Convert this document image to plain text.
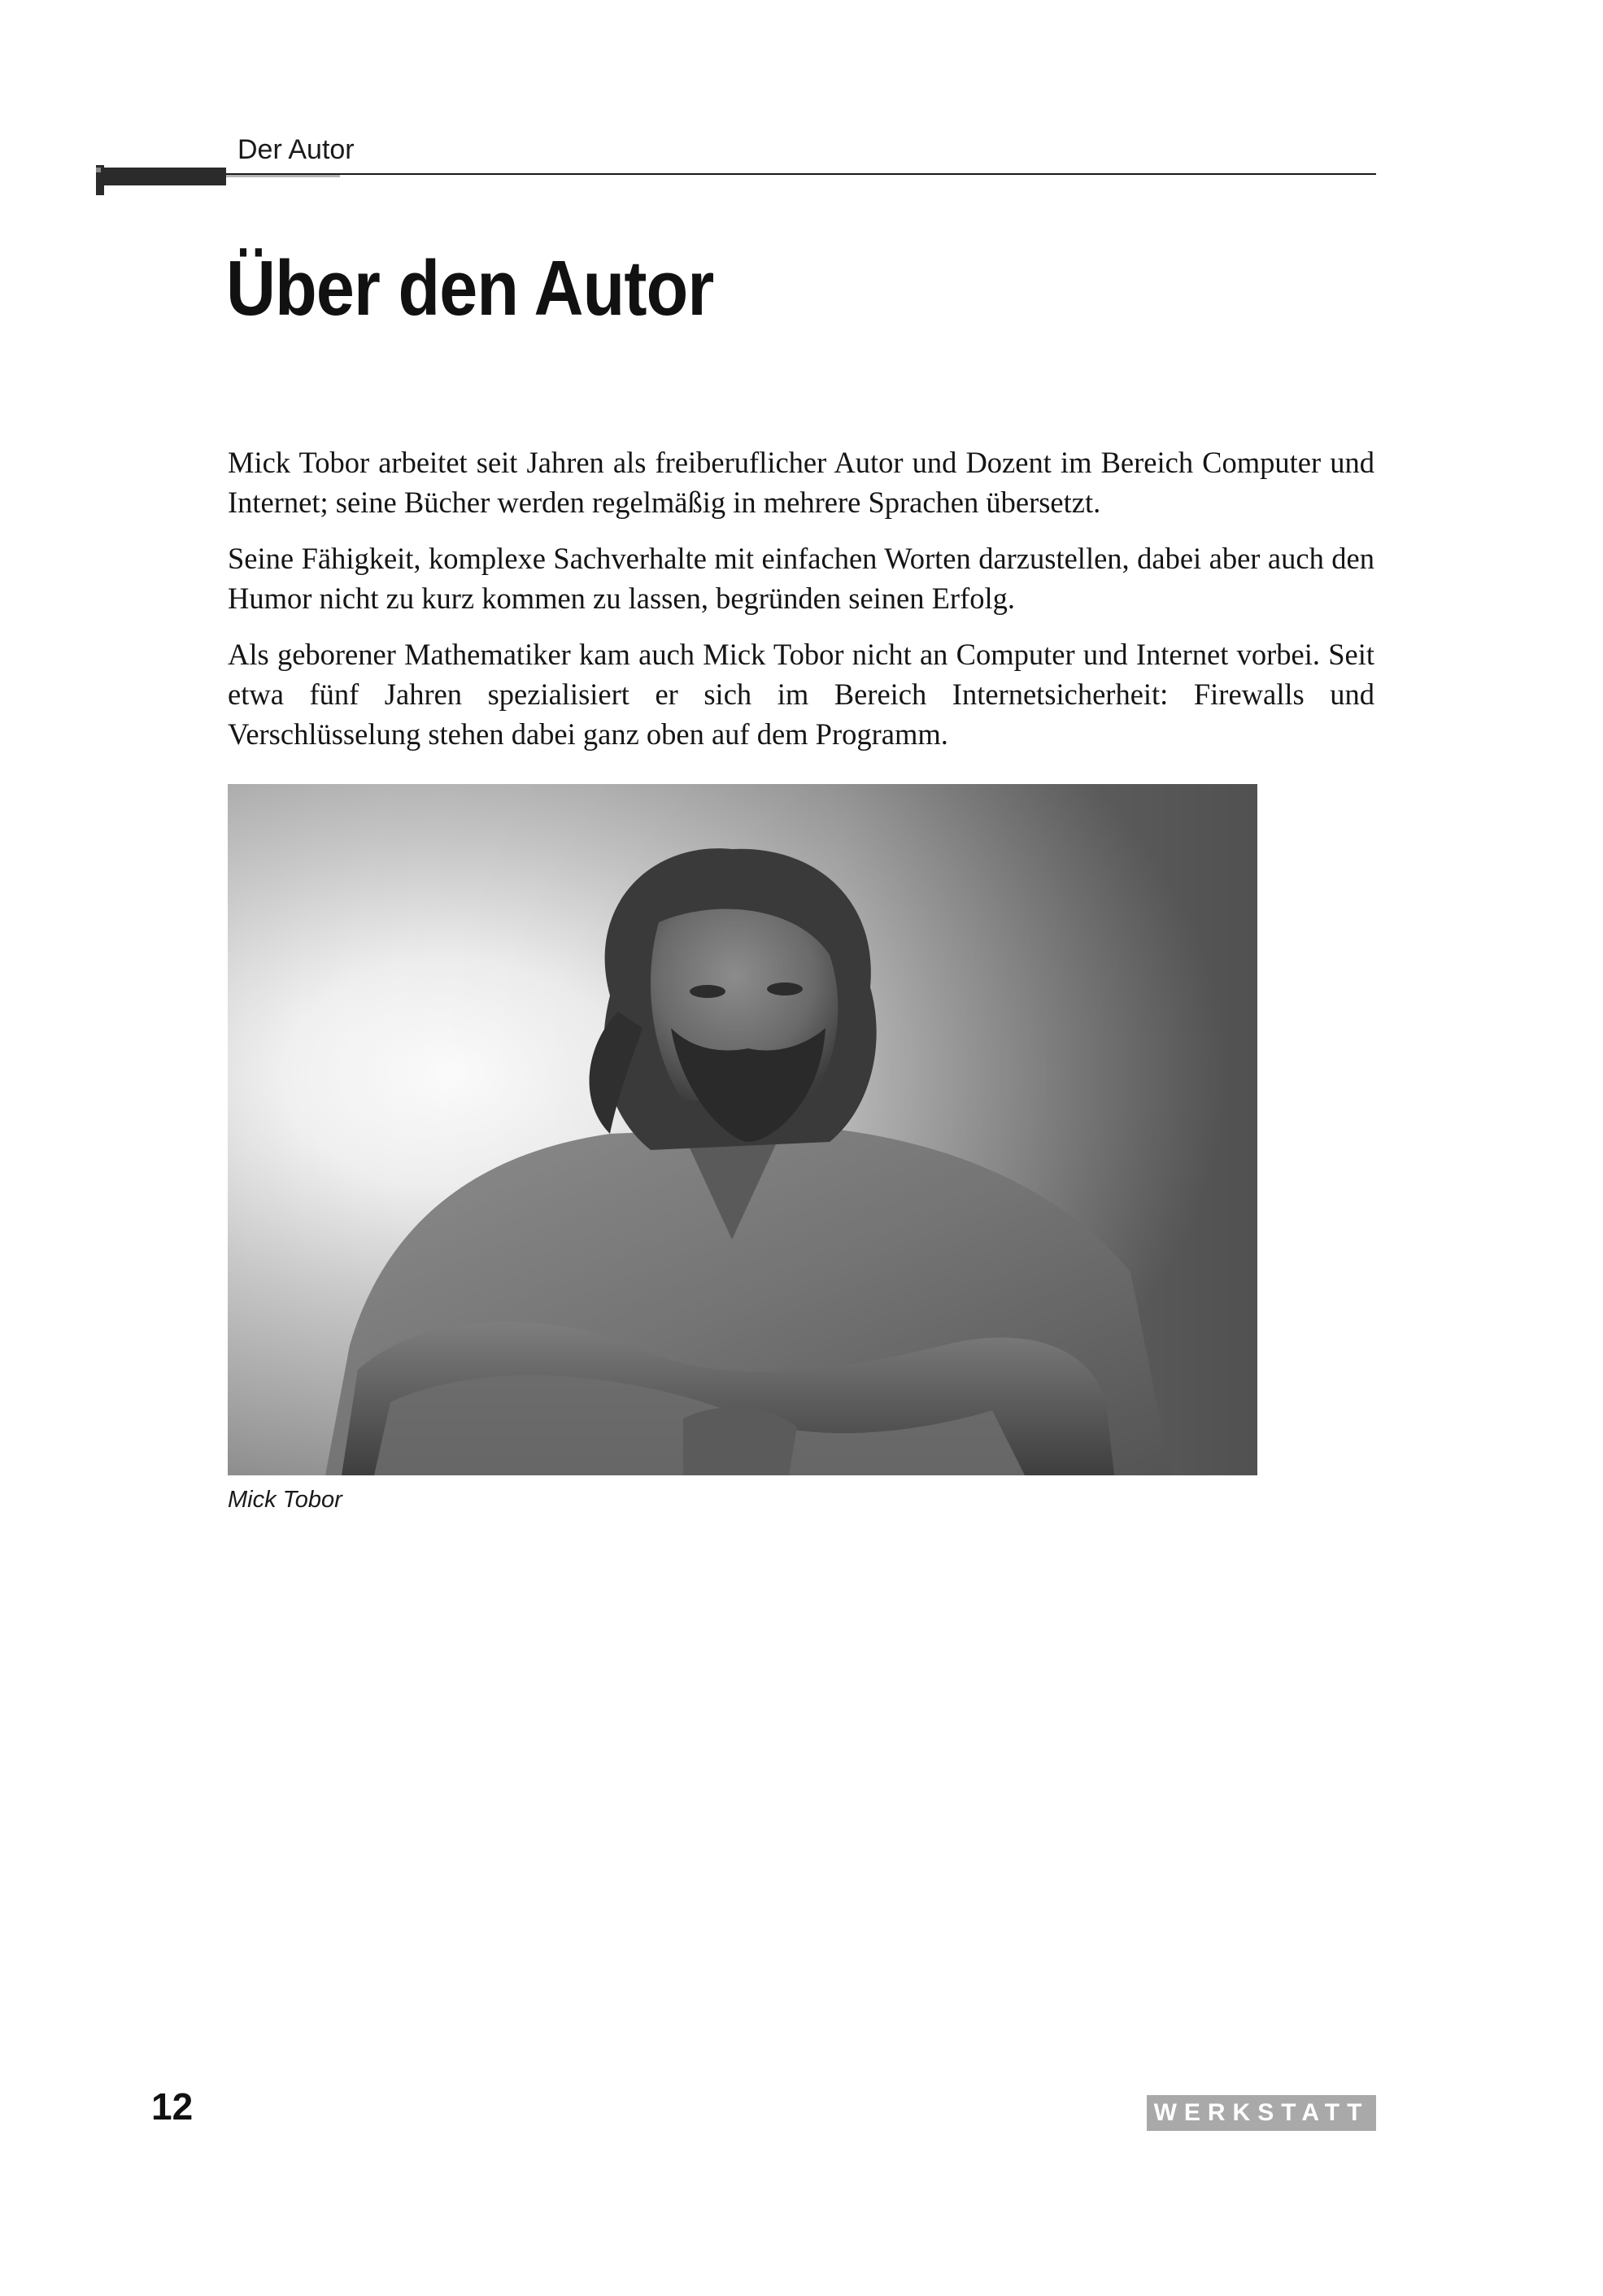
Der Autor
Über den Autor

Mick Tobor arbeitet seit Jahren als freiberuflicher Autor und Dozent im Bereich Computer und Internet; seine Bücher werden regelmäßig in mehrere Sprachen übersetzt.

Seine Fähigkeit, komplexe Sachverhalte mit einfachen Worten darzustellen, dabei aber auch den Humor nicht zu kurz kommen zu lassen, begründen seinen Erfolg.

Als geborener Mathematiker kam auch Mick Tobor nicht an Computer und Internet vorbei. Seit etwa fünf Jahren spezialisiert er sich im Bereich Internetsicherheit: Firewalls und Verschlüsselung stehen dabei ganz oben auf dem Programm.

Mick Tobor
12	WERKSTATT
